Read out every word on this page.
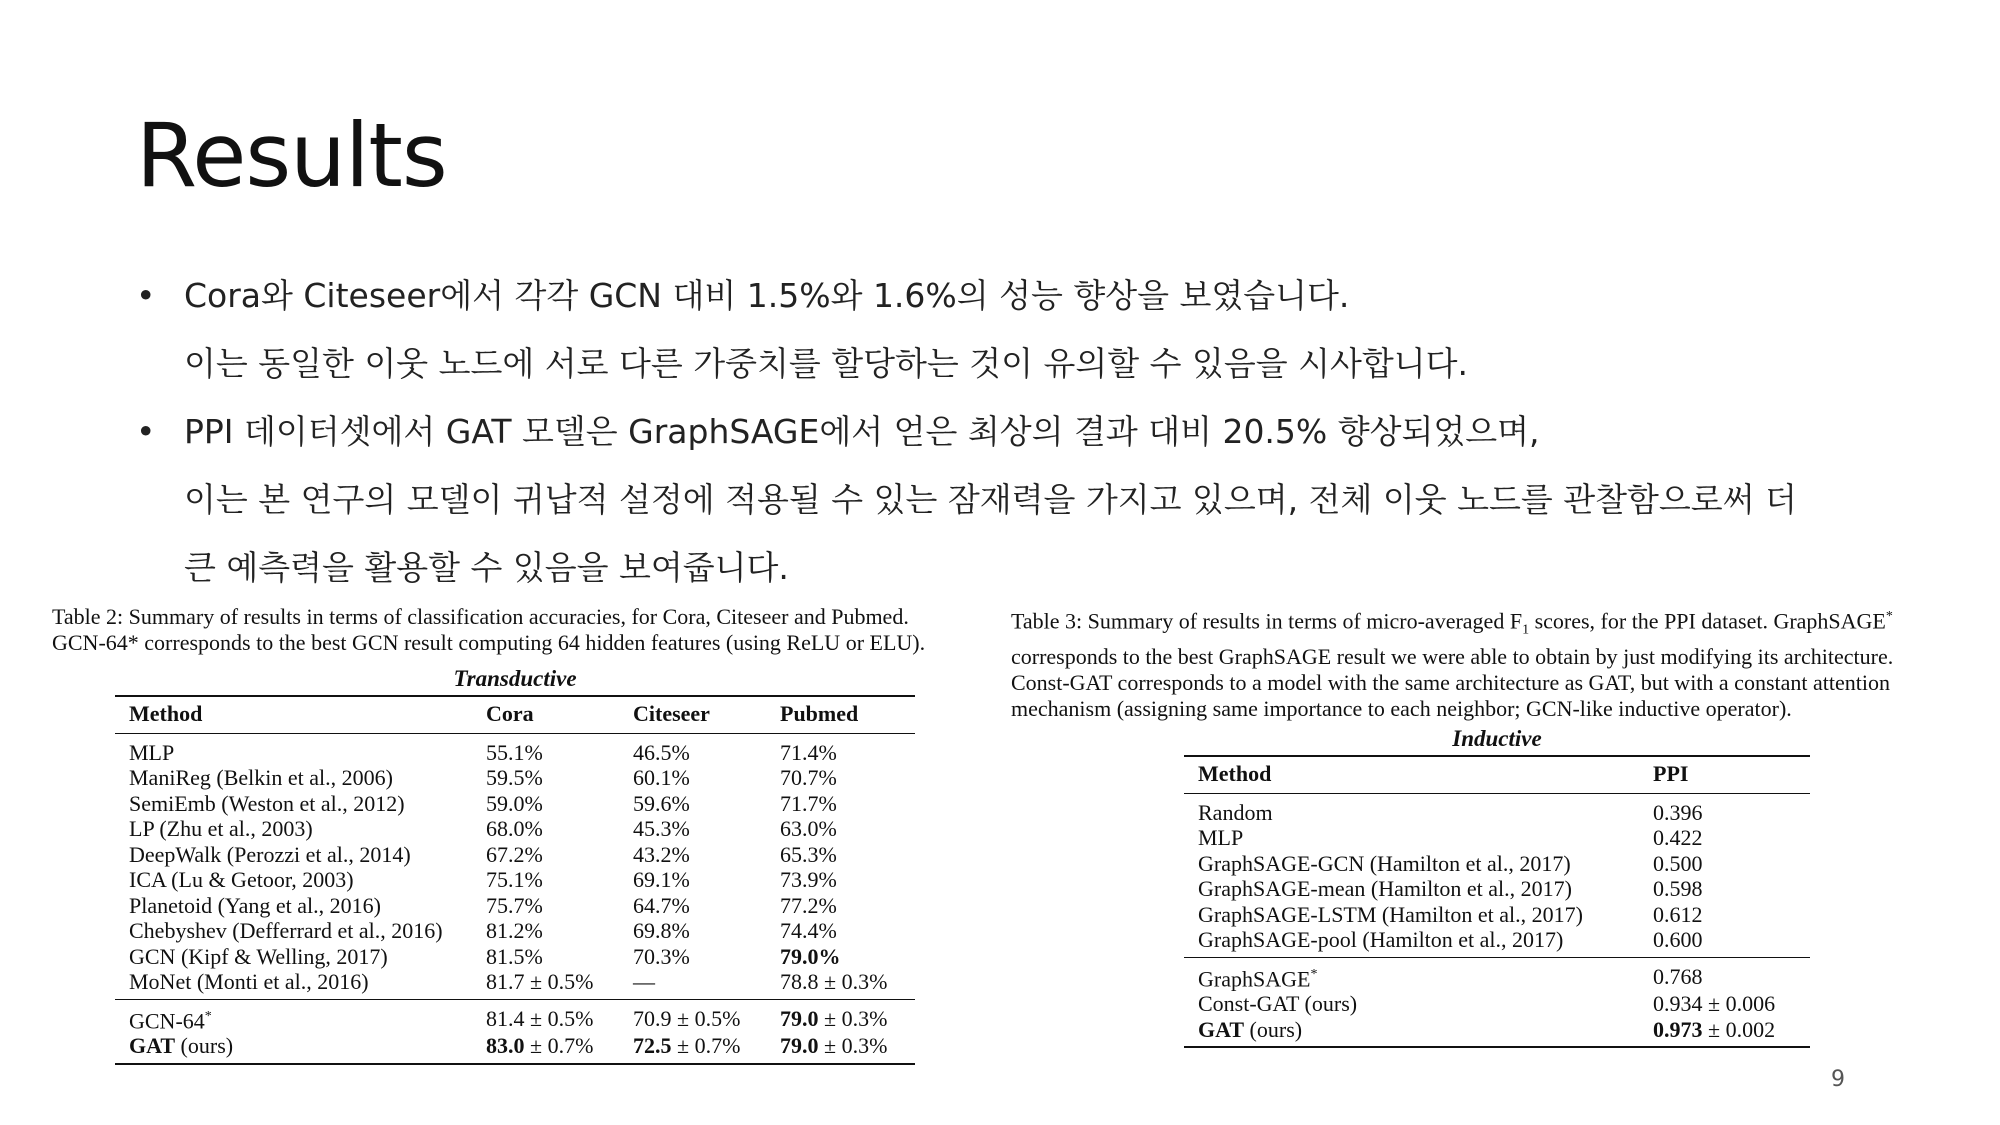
Results
• Cora와 Citeseer에서 각각 GCN 대비 1.5%와 1.6%의 성능 향상을 보였습니다.

이는 동일한 이웃 노드에 서로 다른 가중치를 할당하는 것이 유의할 수 있음을 시사합니다.

• PPI 데이터셋에서 GAT 모델은 GraphSAGE에서 얻은 최상의 결과 대비 20.5% 향상되었으며,

이는 본 연구의 모델이 귀납적 설정에 적용될 수 있는 잠재력을 가지고 있으며, 전체 이웃 노드를 관찰함으로써 더

큰 예측력을 활용할 수 있음을 보여줍니다.

Table 2: Summary of results in terms of classification accuracies, for Cora, Citeseer and Pubmed.
GCN-64* corresponds to the best GCN result computing 64 hidden features (using ReLU or ELU).
Transductive
Method	Cora	Citeseer	Pubmed
MLP	55.1%	46.5%	71.4%
ManiReg (Belkin et al., 2006)	59.5%	60.1%	70.7%
SemiEmb (Weston et al., 2012)	59.0%	59.6%	71.7%
LP (Zhu et al., 2003)	68.0%	45.3%	63.0%
DeepWalk (Perozzi et al., 2014)	67.2%	43.2%	65.3%
ICA (Lu & Getoor, 2003)	75.1%	69.1%	73.9%
Planetoid (Yang et al., 2016)	75.7%	64.7%	77.2%
Chebyshev (Defferrard et al., 2016)	81.2%	69.8%	74.4%
GCN (Kipf & Welling, 2017)	81.5%	70.3%	79.0%
MoNet (Monti et al., 2016)	81.7 ± 0.5%	—	78.8 ± 0.3%
GCN-64*	81.4 ± 0.5%	70.9 ± 0.5%	79.0 ± 0.3%
GAT (ours)	83.0 ± 0.7%	72.5 ± 0.7%	79.0 ± 0.3%
Table 3: Summary of results in terms of micro-averaged $F_1$ scores, for the PPI dataset. GraphSAGE*
corresponds to the best GraphSAGE result we were able to obtain by just modifying its architecture.
Const-GAT corresponds to a model with the same architecture as GAT, but with a constant attention
mechanism (assigning same importance to each neighbor; GCN-like inductive operator).
Inductive
Method	PPI
Random	0.396
MLP	0.422
GraphSAGE-GCN (Hamilton et al., 2017)	0.500
GraphSAGE-mean (Hamilton et al., 2017)	0.598
GraphSAGE-LSTM (Hamilton et al., 2017)	0.612
GraphSAGE-pool (Hamilton et al., 2017)	0.600
GraphSAGE*	0.768
Const-GAT (ours)	0.934 ± 0.006
GAT (ours)	0.973 ± 0.002
9
